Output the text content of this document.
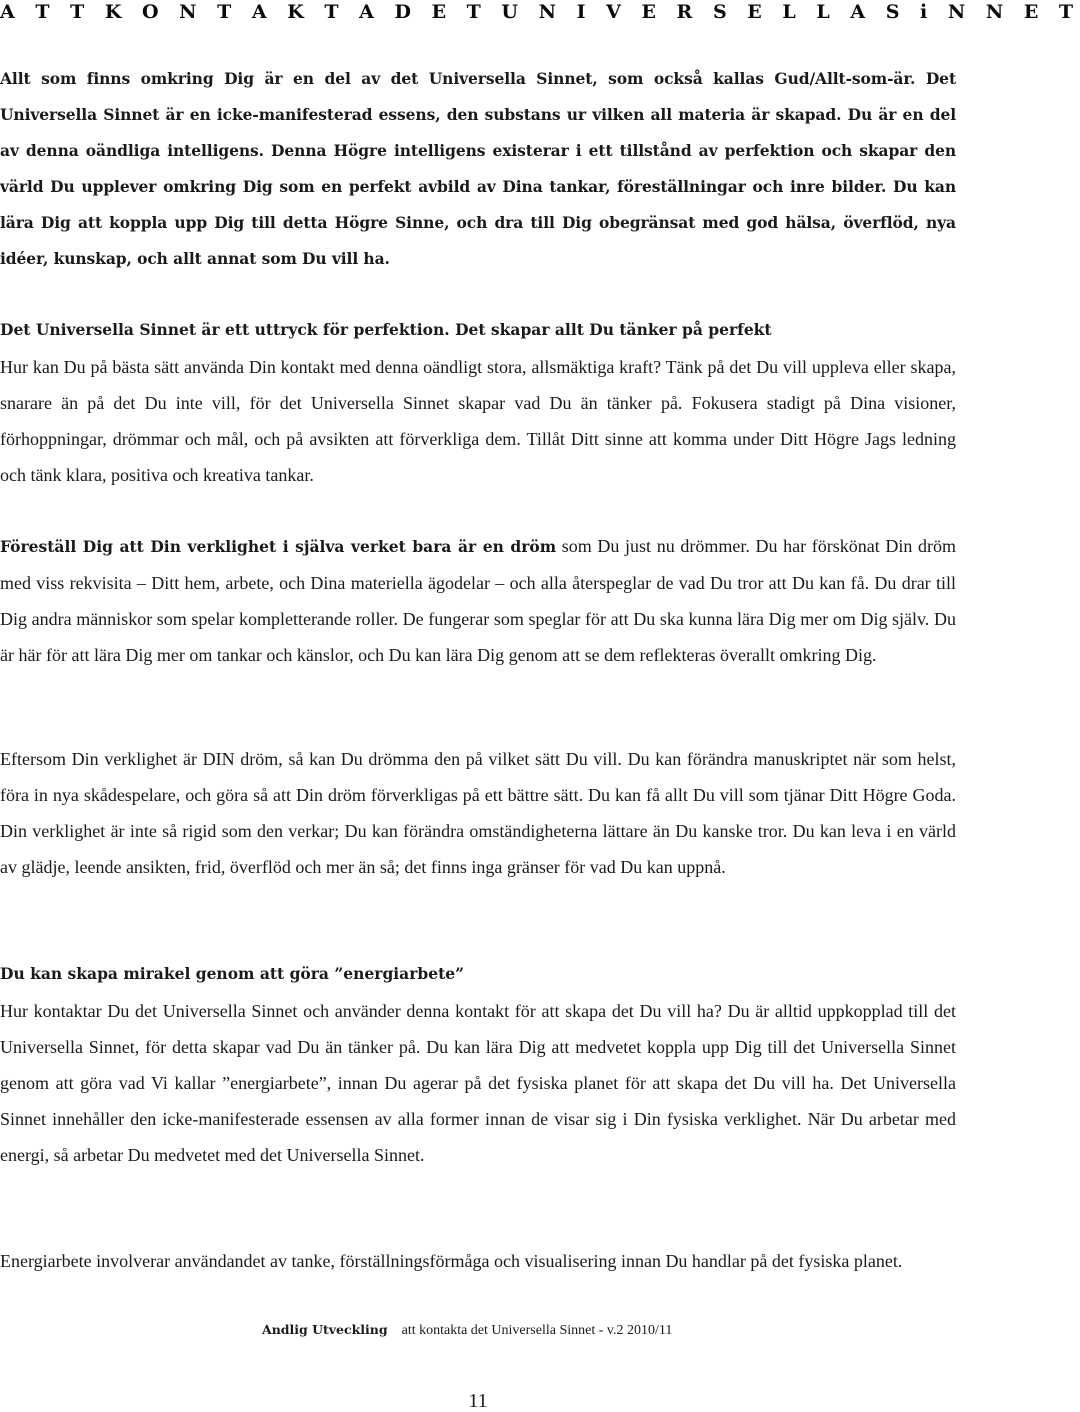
A T T K O N T A K T A D E T U N I V E R S E L L A S i N N E T

Allt som finns omkring Dig är en del av det Universella Sinnet, som också kallas Gud/Allt-som-är. Det Universella Sinnet är en icke-manifesterad essens, den substans ur vilken all materia är skapad. Du är en del av denna oändliga intelligens. Denna Högre intelligens existerar i ett tillstånd av perfektion och skapar den värld Du upplever omkring Dig som en perfekt avbild av Dina tankar, föreställningar och inre bilder. Du kan lära Dig att koppla upp Dig till detta Högre Sinne, och dra till Dig obegränsat med god hälsa, överflöd, nya idéer, kunskap, och allt annat som Du vill ha.

Det Universella Sinnet är ett uttryck för perfektion. Det skapar allt Du tänker på perfekt

Hur kan Du på bästa sätt använda Din kontakt med denna oändligt stora, allsmäktiga kraft? Tänk på det Du vill uppleva eller skapa, snarare än på det Du inte vill, för det Universella Sinnet skapar vad Du än tänker på. Fokusera stadigt på Dina visioner, förhoppningar, drömmar och mål, och på avsikten att förverkliga dem. Tillåt Ditt sinne att komma under Ditt Högre Jags ledning och tänk klara, positiva och kreativa tankar.

Föreställ Dig att Din verklighet i själva verket bara är en dröm som Du just nu drömmer. Du har förskönat Din dröm med viss rekvisita – Ditt hem, arbete, och Dina materiella ägodelar – och alla återspeglar de vad Du tror att Du kan få. Du drar till Dig andra människor som spelar kompletterande roller. De fungerar som speglar för att Du ska kunna lära Dig mer om Dig själv. Du är här för att lära Dig mer om tankar och känslor, och Du kan lära Dig genom att se dem reflekteras överallt omkring Dig.

Eftersom Din verklighet är DIN dröm, så kan Du drömma den på vilket sätt Du vill. Du kan förändra manuskriptet när som helst, föra in nya skådespelare, och göra så att Din dröm förverkligas på ett bättre sätt. Du kan få allt Du vill som tjänar Ditt Högre Goda. Din verklighet är inte så rigid som den verkar; Du kan förändra omständigheterna lättare än Du kanske tror. Du kan leva i en värld av glädje, leende ansikten, frid, överflöd och mer än så; det finns inga gränser för vad Du kan uppnå.

Du kan skapa mirakel genom att göra ”energiarbete”

Hur kontaktar Du det Universella Sinnet och använder denna kontakt för att skapa det Du vill ha? Du är alltid uppkopplad till det Universella Sinnet, för detta skapar vad Du än tänker på. Du kan lära Dig att medvetet koppla upp Dig till det Universella Sinnet genom att göra vad Vi kallar ”energiarbete”, innan Du agerar på det fysiska planet för att skapa det Du vill ha. Det Universella Sinnet innehåller den icke-manifesterade essensen av alla former innan de visar sig i Din fysiska verklighet. När Du arbetar med energi, så arbetar Du medvetet med det Universella Sinnet.

Energiarbete involverar användandet av tanke, förställningsförmåga och visualisering innan Du handlar på det fysiska planet.

Andlig Utveckling att kontakta det Universella Sinnet - v.2 2010/11
11
